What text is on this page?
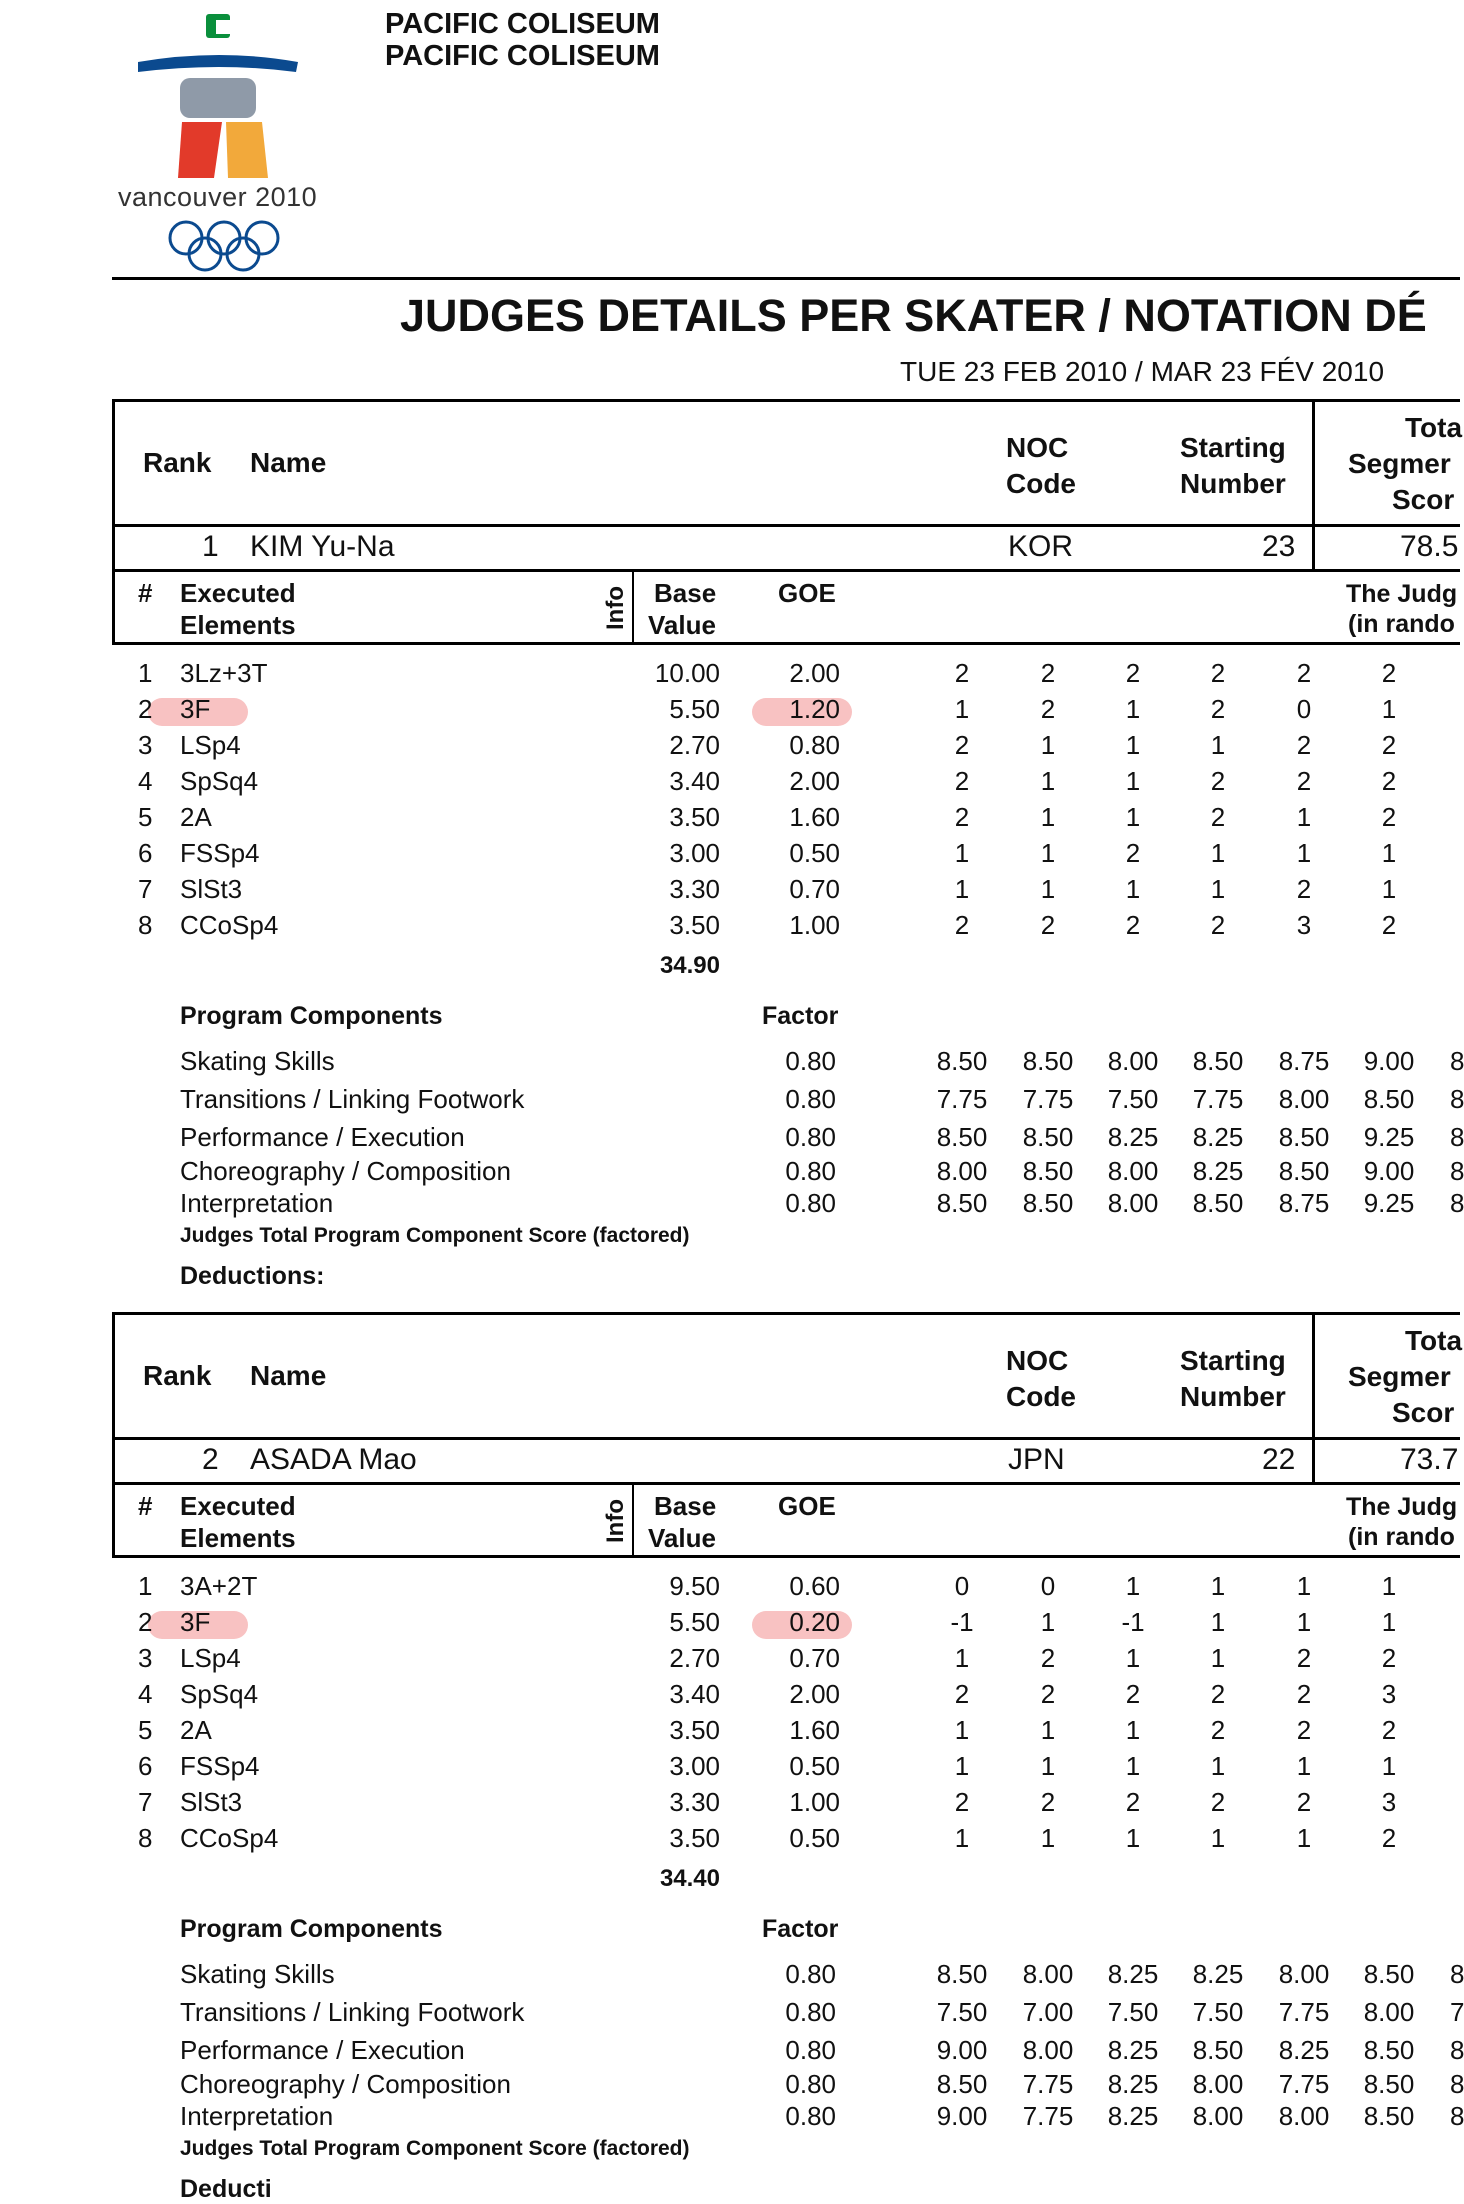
vancouver 2010
PACIFIC COLISEUM
PACIFIC COLISEUM
JUDGES DETAILS PER SKATER / NOTATION DÉ
TUE 23 FEB 2010 / MAR 23 FÉV 2010
Rank Name	NOC
Code
Starting
Number
Tota
Segmer
Scor
1 KIM Yu-Na	KOR	23	78.5
# Executed
Elements	Info Base
Value
GOE	The Judg
(in rando
1 3Lz+3T	10.00	2.00	2	2	2	2	2	2
2 3F	5.50	1.20	1	2	1	2	0	1
3 LSp4	2.70	0.80	2	1	1	1	2	2
4 SpSq4	3.40	2.00	2	1	1	2	2	2
5 2A	3.50	1.60	2	1	1	2	1	2
6 FSSp4	3.00	0.50	1	1	2	1	1	1
7 SlSt3	3.30	0.70	1	1	1	1	2	1
8 CCoSp4	3.50	1.00	2	2	2	2	3	2
34.90
Program Components	Factor
Skating Skills	0.80	8.50	8.50	8.00	8.50	8.75	9.00	8
Transitions / Linking Footwork	0.80	7.75	7.75	7.50	7.75	8.00	8.50	8
Performance / Execution	0.80	8.50	8.50	8.25	8.25	8.50	9.25	8
Choreography / Composition	0.80	8.00	8.50	8.00	8.25	8.50	9.00	8
Interpretation	0.80	8.50	8.50	8.00	8.50	8.75	9.25	8
Judges Total Program Component Score (factored)
Deductions:
Rank Name	NOC
Code
Starting
Number
Tota
Segmer
Scor
2 ASADA Mao	JPN	22	73.7
# Executed
Elements	Info Base
Value
GOE	The Judg
(in rando
1 3A+2T	9.50	0.60	0	0	1	1	1	1
2 3F	5.50	0.20	-1	1	-1	1	1	1
3 LSp4	2.70	0.70	1	2	1	1	2	2
4 SpSq4	3.40	2.00	2	2	2	2	2	3
5 2A	3.50	1.60	1	1	1	2	2	2
6 FSSp4	3.00	0.50	1	1	1	1	1	1
7 SlSt3	3.30	1.00	2	2	2	2	2	3
8 CCoSp4	3.50	0.50	1	1	1	1	1	2
34.40
Program Components	Factor
Skating Skills	0.80	8.50	8.00	8.25	8.25	8.00	8.50	8
Transitions / Linking Footwork	0.80	7.50	7.00	7.50	7.50	7.75	8.00	7
Performance / Execution	0.80	9.00	8.00	8.25	8.50	8.25	8.50	8
Choreography / Composition	0.80	8.50	7.75	8.25	8.00	7.75	8.50	8
Interpretation	0.80	9.00	7.75	8.25	8.00	8.00	8.50	8
Judges Total Program Component Score (factored)
Deducti
